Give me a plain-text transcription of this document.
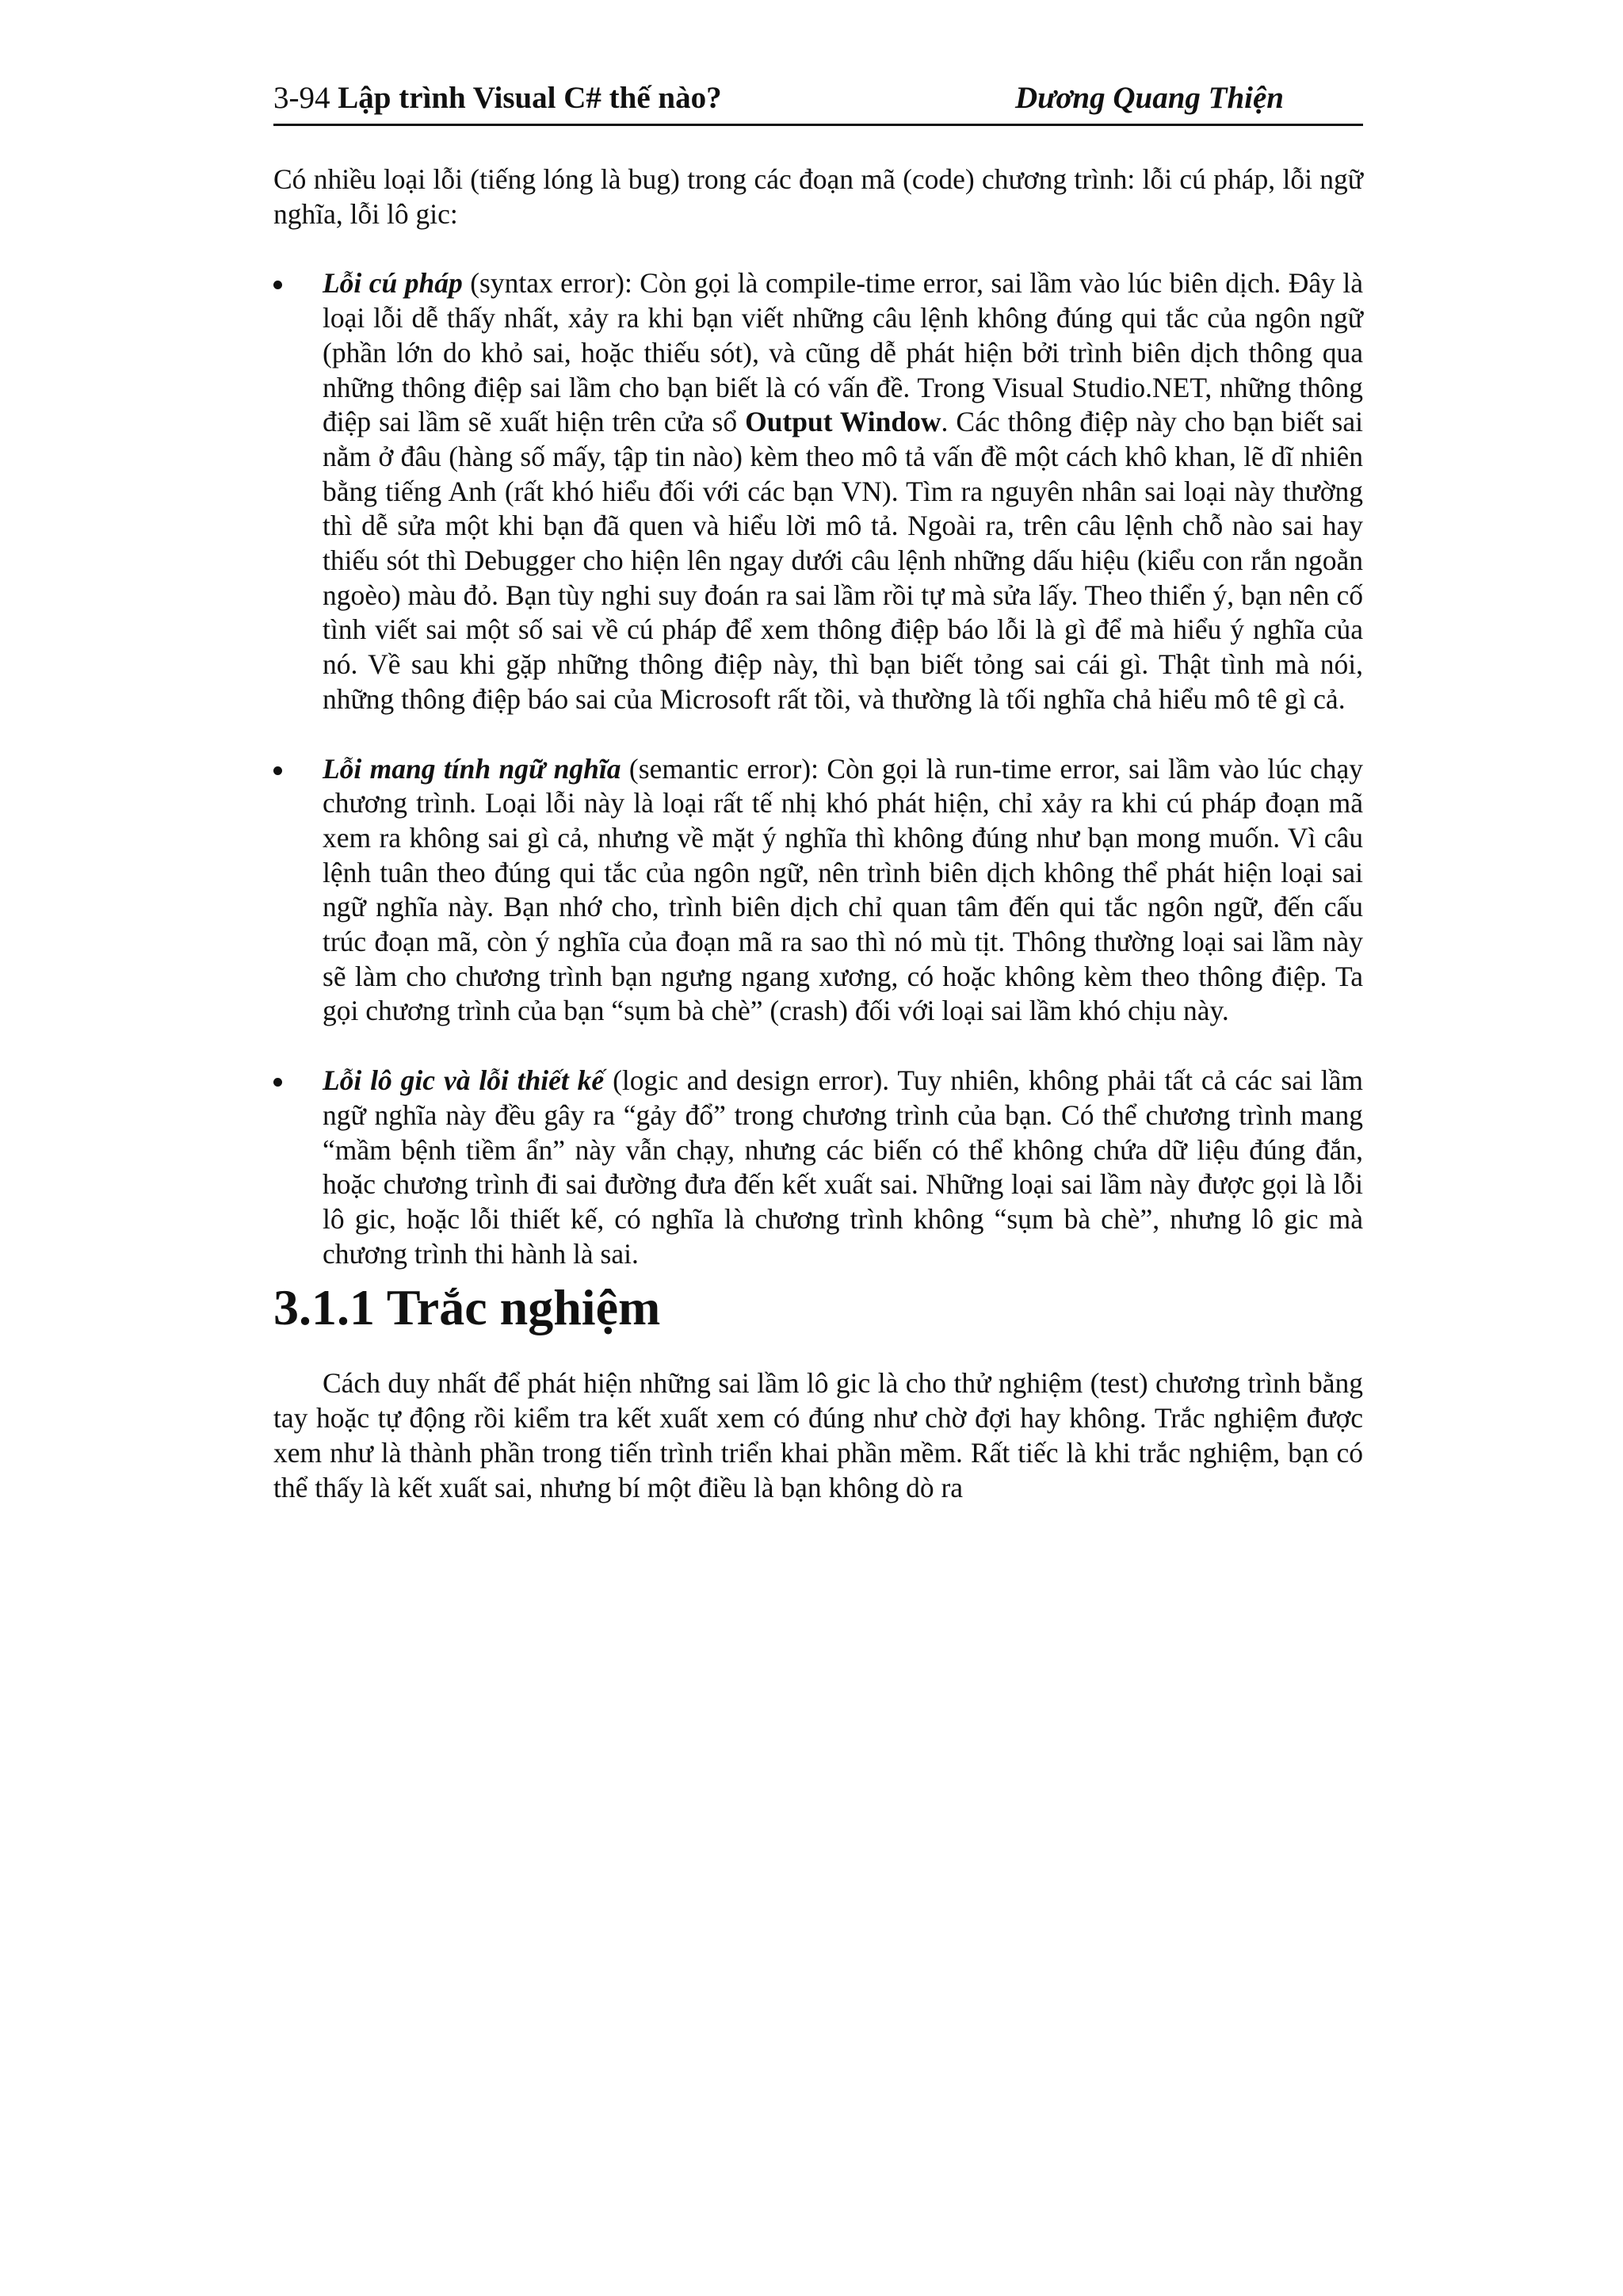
3-94 Lập trình Visual C# thế nào?	Dương Quang Thiện

Có nhiều loại lỗi (tiếng lóng là bug) trong các đoạn mã (code) chương trình: lỗi cú pháp, lỗi ngữ nghĩa, lỗi lô gic:

Lỗi cú pháp (syntax error): Còn gọi là compile-time error, sai lầm vào lúc biên dịch. Đây là loại lỗi dễ thấy nhất, xảy ra khi bạn viết những câu lệnh không đúng qui tắc của ngôn ngữ (phần lớn do khỏ sai, hoặc thiếu sót), và cũng dễ phát hiện bởi trình biên dịch thông qua những thông điệp sai lầm cho bạn biết là có vấn đề. Trong Visual Studio.NET, những thông điệp sai lầm sẽ xuất hiện trên cửa sổ Output Window. Các thông điệp này cho bạn biết sai nằm ở đâu (hàng số mấy, tập tin nào) kèm theo mô tả vấn đề một cách khô khan, lẽ dĩ nhiên bằng tiếng Anh (rất khó hiểu đối với các bạn VN). Tìm ra nguyên nhân sai loại này thường thì dễ sửa một khi bạn đã quen và hiểu lời mô tả. Ngoài ra, trên câu lệnh chỗ nào sai hay thiếu sót thì Debugger cho hiện lên ngay dưới câu lệnh những dấu hiệu (kiểu con rắn ngoằn ngoèo) màu đỏ. Bạn tùy nghi suy đoán ra sai lầm rồi tự mà sửa lấy. Theo thiển ý, bạn nên cố tình viết sai một số sai về cú pháp để xem thông điệp báo lỗi là gì để mà hiểu ý nghĩa của nó. Về sau khi gặp những thông điệp này, thì bạn biết tỏng sai cái gì. Thật tình mà nói, những thông điệp báo sai của Microsoft rất tồi, và thường là tối nghĩa chả hiểu mô tê gì cả.
Lỗi mang tính ngữ nghĩa (semantic error): Còn gọi là run-time error, sai lầm vào lúc chạy chương trình. Loại lỗi này là loại rất tế nhị khó phát hiện, chỉ xảy ra khi cú pháp đoạn mã xem ra không sai gì cả, nhưng về mặt ý nghĩa thì không đúng như bạn mong muốn. Vì câu lệnh tuân theo đúng qui tắc của ngôn ngữ, nên trình biên dịch không thể phát hiện loại sai ngữ nghĩa này. Bạn nhớ cho, trình biên dịch chỉ quan tâm đến qui tắc ngôn ngữ, đến cấu trúc đoạn mã, còn ý nghĩa của đoạn mã ra sao thì nó mù tịt. Thông thường loại sai lầm này sẽ làm cho chương trình bạn ngưng ngang xương, có hoặc không kèm theo thông điệp. Ta gọi chương trình của bạn “sụm bà chè” (crash) đối với loại sai lầm khó chịu này.
Lỗi lô gic và lỗi thiết kế (logic and design error). Tuy nhiên, không phải tất cả các sai lầm ngữ nghĩa này đều gây ra “gảy đổ” trong chương trình của bạn. Có thể chương trình mang “mầm bệnh tiềm ẩn” này vẫn chạy, nhưng các biến có thể không chứa dữ liệu đúng đắn, hoặc chương trình đi sai đường đưa đến kết xuất sai. Những loại sai lầm này được gọi là lỗi lô gic, hoặc lỗi thiết kế, có nghĩa là chương trình không “sụm bà chè”, nhưng lô gic mà chương trình thi hành là sai.
3.1.1 Trắc nghiệm

Cách duy nhất để phát hiện những sai lầm lô gic là cho thử nghiệm (test) chương trình bằng tay hoặc tự động rồi kiểm tra kết xuất xem có đúng như chờ đợi hay không. Trắc nghiệm được xem như là thành phần trong tiến trình triển khai phần mềm. Rất tiếc là khi trắc nghiệm, bạn có thể thấy là kết xuất sai, nhưng bí một điều là bạn không dò ra
